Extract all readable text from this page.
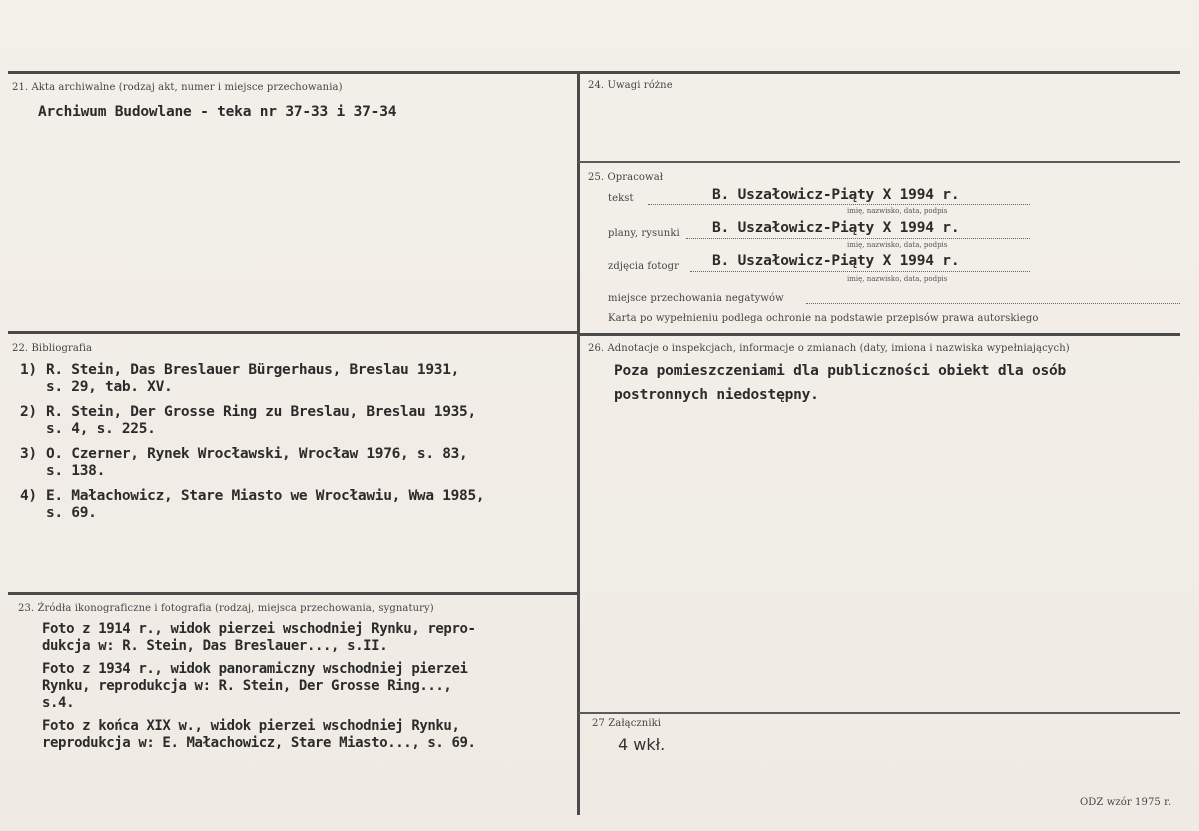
21. Akta archiwalne (rodzaj akt, numer i miejsce przechowania)
Archiwum Budowlane - teka nr 37-33 i 37-34
22. Bibliografia
1) R. Stein, Das Breslauer Bürgerhaus, Breslau 1931,
s. 29, tab. XV.
2) R. Stein, Der Grosse Ring zu Breslau, Breslau 1935,
s. 4, s. 225.
3) O. Czerner, Rynek Wrocławski, Wrocław 1976, s. 83,
s. 138.
4) E. Małachowicz, Stare Miasto we Wrocławiu, Wwa 1985,
s. 69.
23. Źródła ikonograficzne i fotografia (rodzaj, miejsca przechowania, sygnatury)
Foto z 1914 r., widok pierzei wschodniej Rynku, repro-
dukcja w: R. Stein, Das Breslauer..., s.II.
Foto z 1934 r., widok panoramiczny wschodniej pierzei
Rynku, reprodukcja w: R. Stein, Der Grosse Ring...,
s.4.
Foto z końca XIX w., widok pierzei wschodniej Rynku,
reprodukcja w: E. Małachowicz, Stare Miasto..., s. 69.
24. Uwagi różne
25. Opracował
tekst	B. Uszałowicz-Piąty X 1994 r.
imię, nazwisko, data, podpis
plany, rysunki B. Uszałowicz-Piąty X 1994 r.
imię, nazwisko, data, podpis
zdjęcia fotogr B. Uszałowicz-Piąty X 1994 r.
imię, nazwisko, data, podpis
miejsce przechowania negatywów
Karta po wypełnieniu podlega ochronie na podstawie przepisów prawa autorskiego
26. Adnotacje o inspekcjach, informacje o zmianach (daty, imiona i nazwiska wypełniających)
Poza pomieszczeniami dla publiczności obiekt dla osób
postronnych niedostępny.
27 Załączniki
4 wkł.
ODZ wzór 1975 r.
